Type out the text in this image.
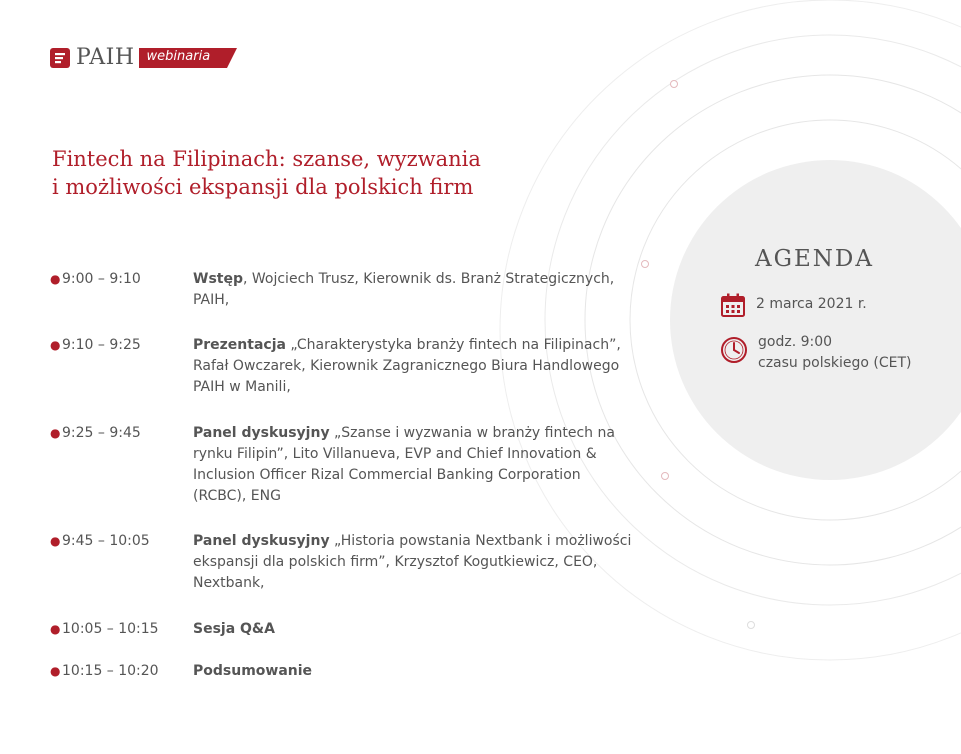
PAIH webinaria
Fintech na Filipinach: szanse, wyzwania
i możliwości ekspansji dla polskich firm
● 9:00 – 9:10	Wstęp, Wojciech Trusz, Kierownik ds. Branż Strategicznych, PAIH,
● 9:10 – 9:25	Prezentacja „Charakterystyka branży fintech na Filipinach”, Rafał Owczarek, Kierownik Zagranicznego Biura Handlowego PAIH w Manili,
● 9:25 – 9:45	Panel dyskusyjny „Szanse i wyzwania w branży fintech na rynku Filipin”, Lito Villanueva, EVP and Chief Innovation & Inclusion Officer Rizal Commercial Banking Corporation (RCBC), ENG
● 9:45 – 10:05	Panel dyskusyjny „Historia powstania Nextbank i możliwości ekspansji dla polskich firm”, Krzysztof Kogutkiewicz, CEO, Nextbank,
● 10:05 – 10:15 Sesja Q&A
● 10:15 – 10:20 Podsumowanie
AGENDA
2 marca 2021 r.
godz. 9:00
czasu polskiego (CET)
